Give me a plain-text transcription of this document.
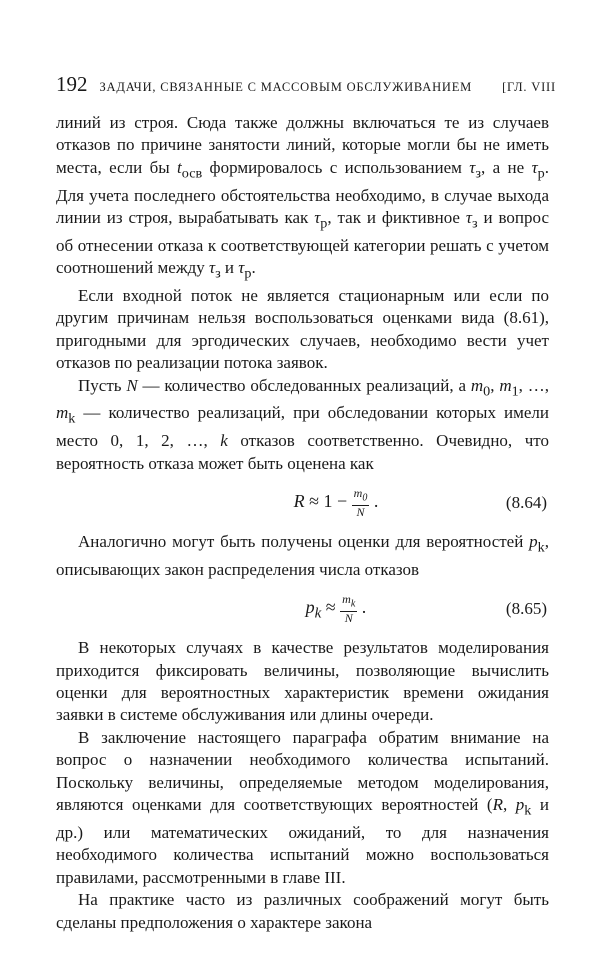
192 ЗАДАЧИ, СВЯЗАННЫЕ С МАССОВЫМ ОБСЛУЖИВАНИЕМ [ГЛ. VIII

линий из строя. Сюда также должны включаться те из случаев отказов по причине занятости линий, которые могли бы не иметь места, если бы $t_{осв}$ формировалось с использованием $\tau_з$, а не $\tau_р$. Для учета последнего обстоятельства необходимо, в случае выхода линии из строя, вырабатывать как $\tau_р$, так и фиктивное $\tau_з$ и вопрос об отнесении отказа к соответствующей категории решать с учетом соотношений между $\tau_з$ и $\tau_р$.

Если входной поток не является стационарным или если по другим причинам нельзя воспользоваться оценками вида (8.61), пригодными для эргодических случаев, необходимо вести учет отказов по реализации потока заявок.

Пусть N — количество обследованных реализаций, а $m_0$, $m_1$, …, $m_k$ — количество реализаций, при обследовании которых имели место 0, 1, 2, …, k отказов соответственно. Очевидно, что вероятность отказа может быть оценена как

$R \approx 1 - \frac{m_0}{N}$ .	(8.64)

Аналогично могут быть получены оценки для вероятностей $p_k$, описывающих закон распределения числа отказов

$p_k \approx \frac{m_k}{N}$ .	(8.65)

В некоторых случаях в качестве результатов моделирования приходится фиксировать величины, позволяющие вычислить оценки для вероятностных характеристик времени ожидания заявки в системе обслуживания или длины очереди.

В заключение настоящего параграфа обратим внимание на вопрос о назначении необходимого количества испытаний. Поскольку величины, определяемые методом моделирования, являются оценками для соответствующих вероятностей (R, $p_k$ и др.) или математических ожиданий, то для назначения необходимого количества испытаний можно воспользоваться правилами, рассмотренными в главе III.

На практике часто из различных соображений могут быть сделаны предположения о характере закона
